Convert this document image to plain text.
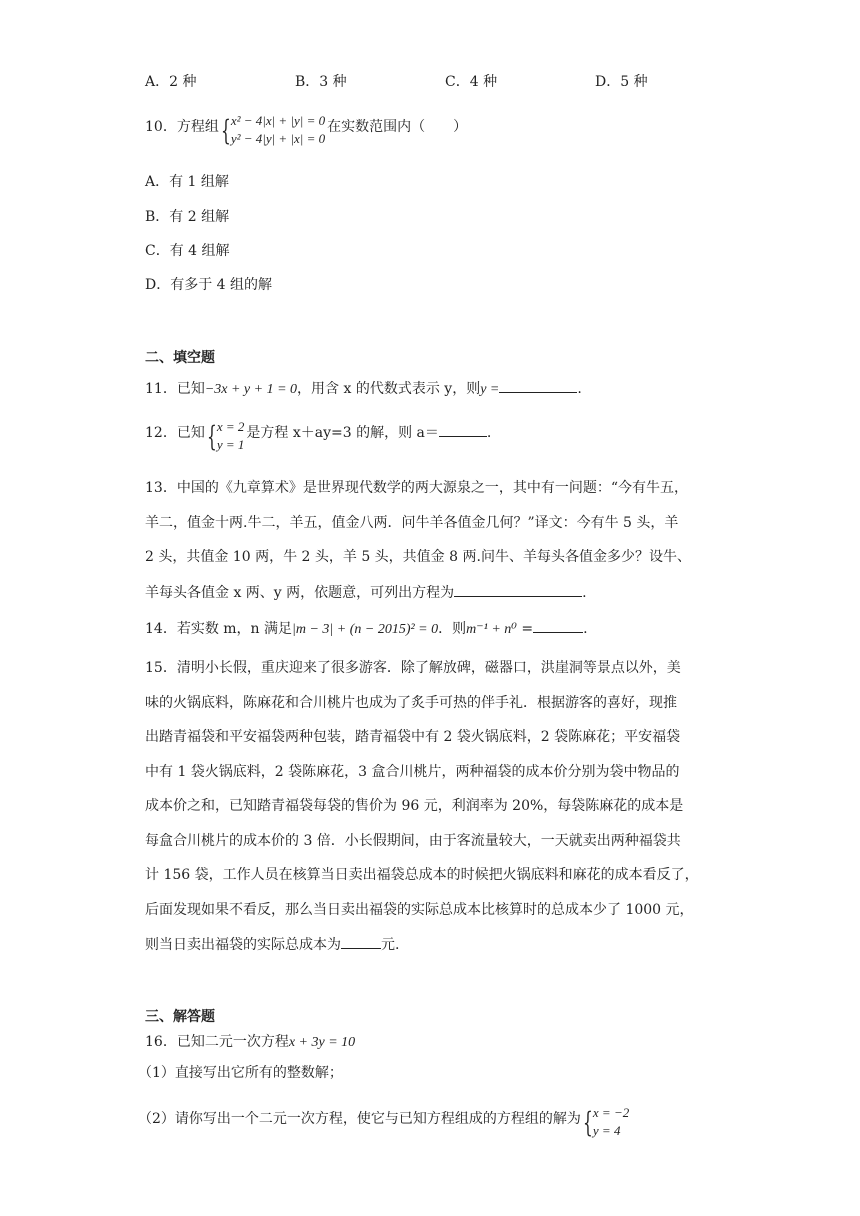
A．2 种	B．3 种	C．4 种	D．5 种
10．方程组 { x² − 4|x| + |y| = 0
y² − 4|y| + |x| = 0
在实数范围内（　　）
A．有 1 组解
B．有 2 组解
C．有 4 组解
D．有多于 4 组的解
二、填空题
11．已知−3x + y + 1 = 0，用含 x 的代数式表示 y，则y =	.
12．已知 { x = 2
y = 1
是方程 x＋ay=3 的解，则 a＝	.
13．中国的《九章算术》是世界现代数学的两大源泉之一，其中有一问题：“今有牛五，
羊二，值金十两.牛二，羊五，值金八两．问牛羊各值金几何？”译文：今有牛 5 头，羊
2 头，共值金 10 两，牛 2 头，羊 5 头，共值金 8 两.问牛、羊每头各值金多少？设牛、
羊每头各值金 x 两、y 两，依题意，可列出方程为	.
14．若实数 m，n 满足|m − 3| + (n − 2015)² = 0．则m⁻¹ + n⁰ =	.
15．清明小长假，重庆迎来了很多游客．除了解放碑，磁器口，洪崖洞等景点以外，美
味的火锅底料，陈麻花和合川桃片也成为了炙手可热的伴手礼．根据游客的喜好，现推
出踏青福袋和平安福袋两种包装，踏青福袋中有 2 袋火锅底料，2 袋陈麻花；平安福袋
中有 1 袋火锅底料，2 袋陈麻花，3 盒合川桃片，两种福袋的成本价分别为袋中物品的
成本价之和，已知踏青福袋每袋的售价为 96 元，利润率为 20%，每袋陈麻花的成本是
每盒合川桃片的成本价的 3 倍．小长假期间，由于客流量较大，一天就卖出两种福袋共
计 156 袋，工作人员在核算当日卖出福袋总成本的时候把火锅底料和麻花的成本看反了，
后面发现如果不看反，那么当日卖出福袋的实际总成本比核算时的总成本少了 1000 元，
则当日卖出福袋的实际总成本为	元.
三、解答题
16．已知二元一次方程x + 3y = 10
（1）直接写出它所有的整数解；
（2）请你写出一个二元一次方程，使它与已知方程组成的方程组的解为 { x = −2
y = 4
